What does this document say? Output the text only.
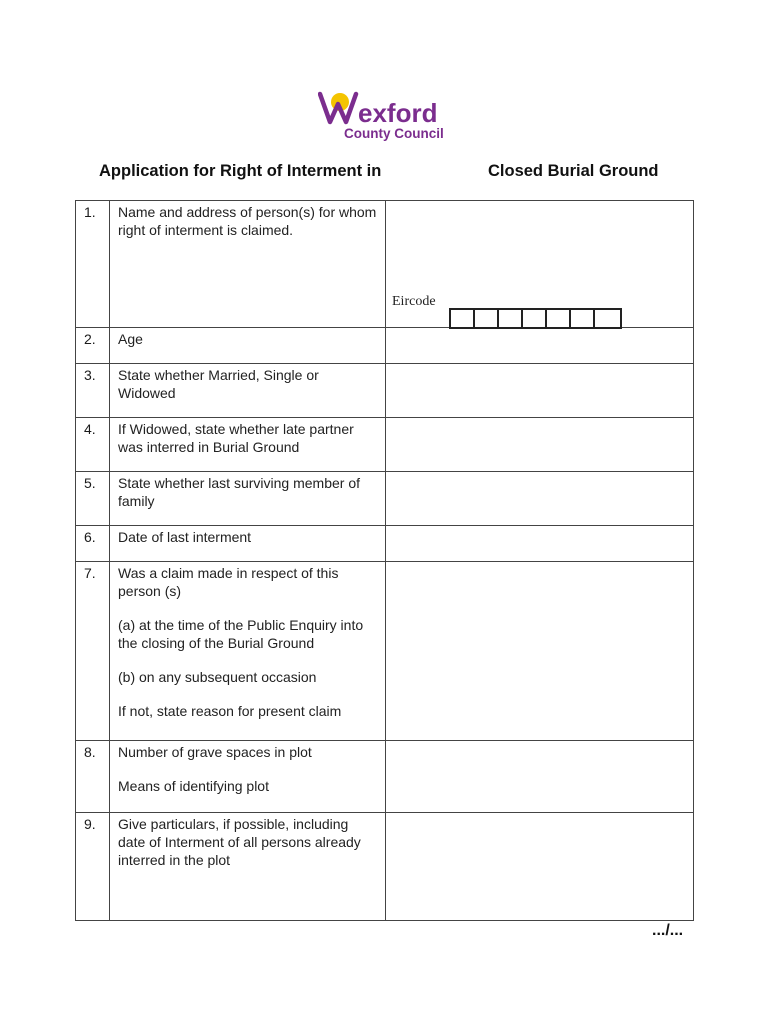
exford
County Council
Application for Right of Interment in	Closed Burial Ground
1.	Name and address of person(s) for whom right of interment is claimed.	Eircode

2.	Age	

3.	State whether Married, Single or Widowed	

4.	If Widowed, state whether late partner was interred in Burial Ground	

5.	State whether last surviving member of family	

6.	Date of last interment	

7.	Was a claim made in respect of this person (s)

(a) at the time of the Public Enquiry into the closing of the Burial Ground

(b) on any subsequent occasion

If not, state reason for present claim	

8.	Number of grave spaces in plot

Means of identifying plot	

9.	Give particulars, if possible, including date of Interment of all persons already interred in the plot	

.../...
